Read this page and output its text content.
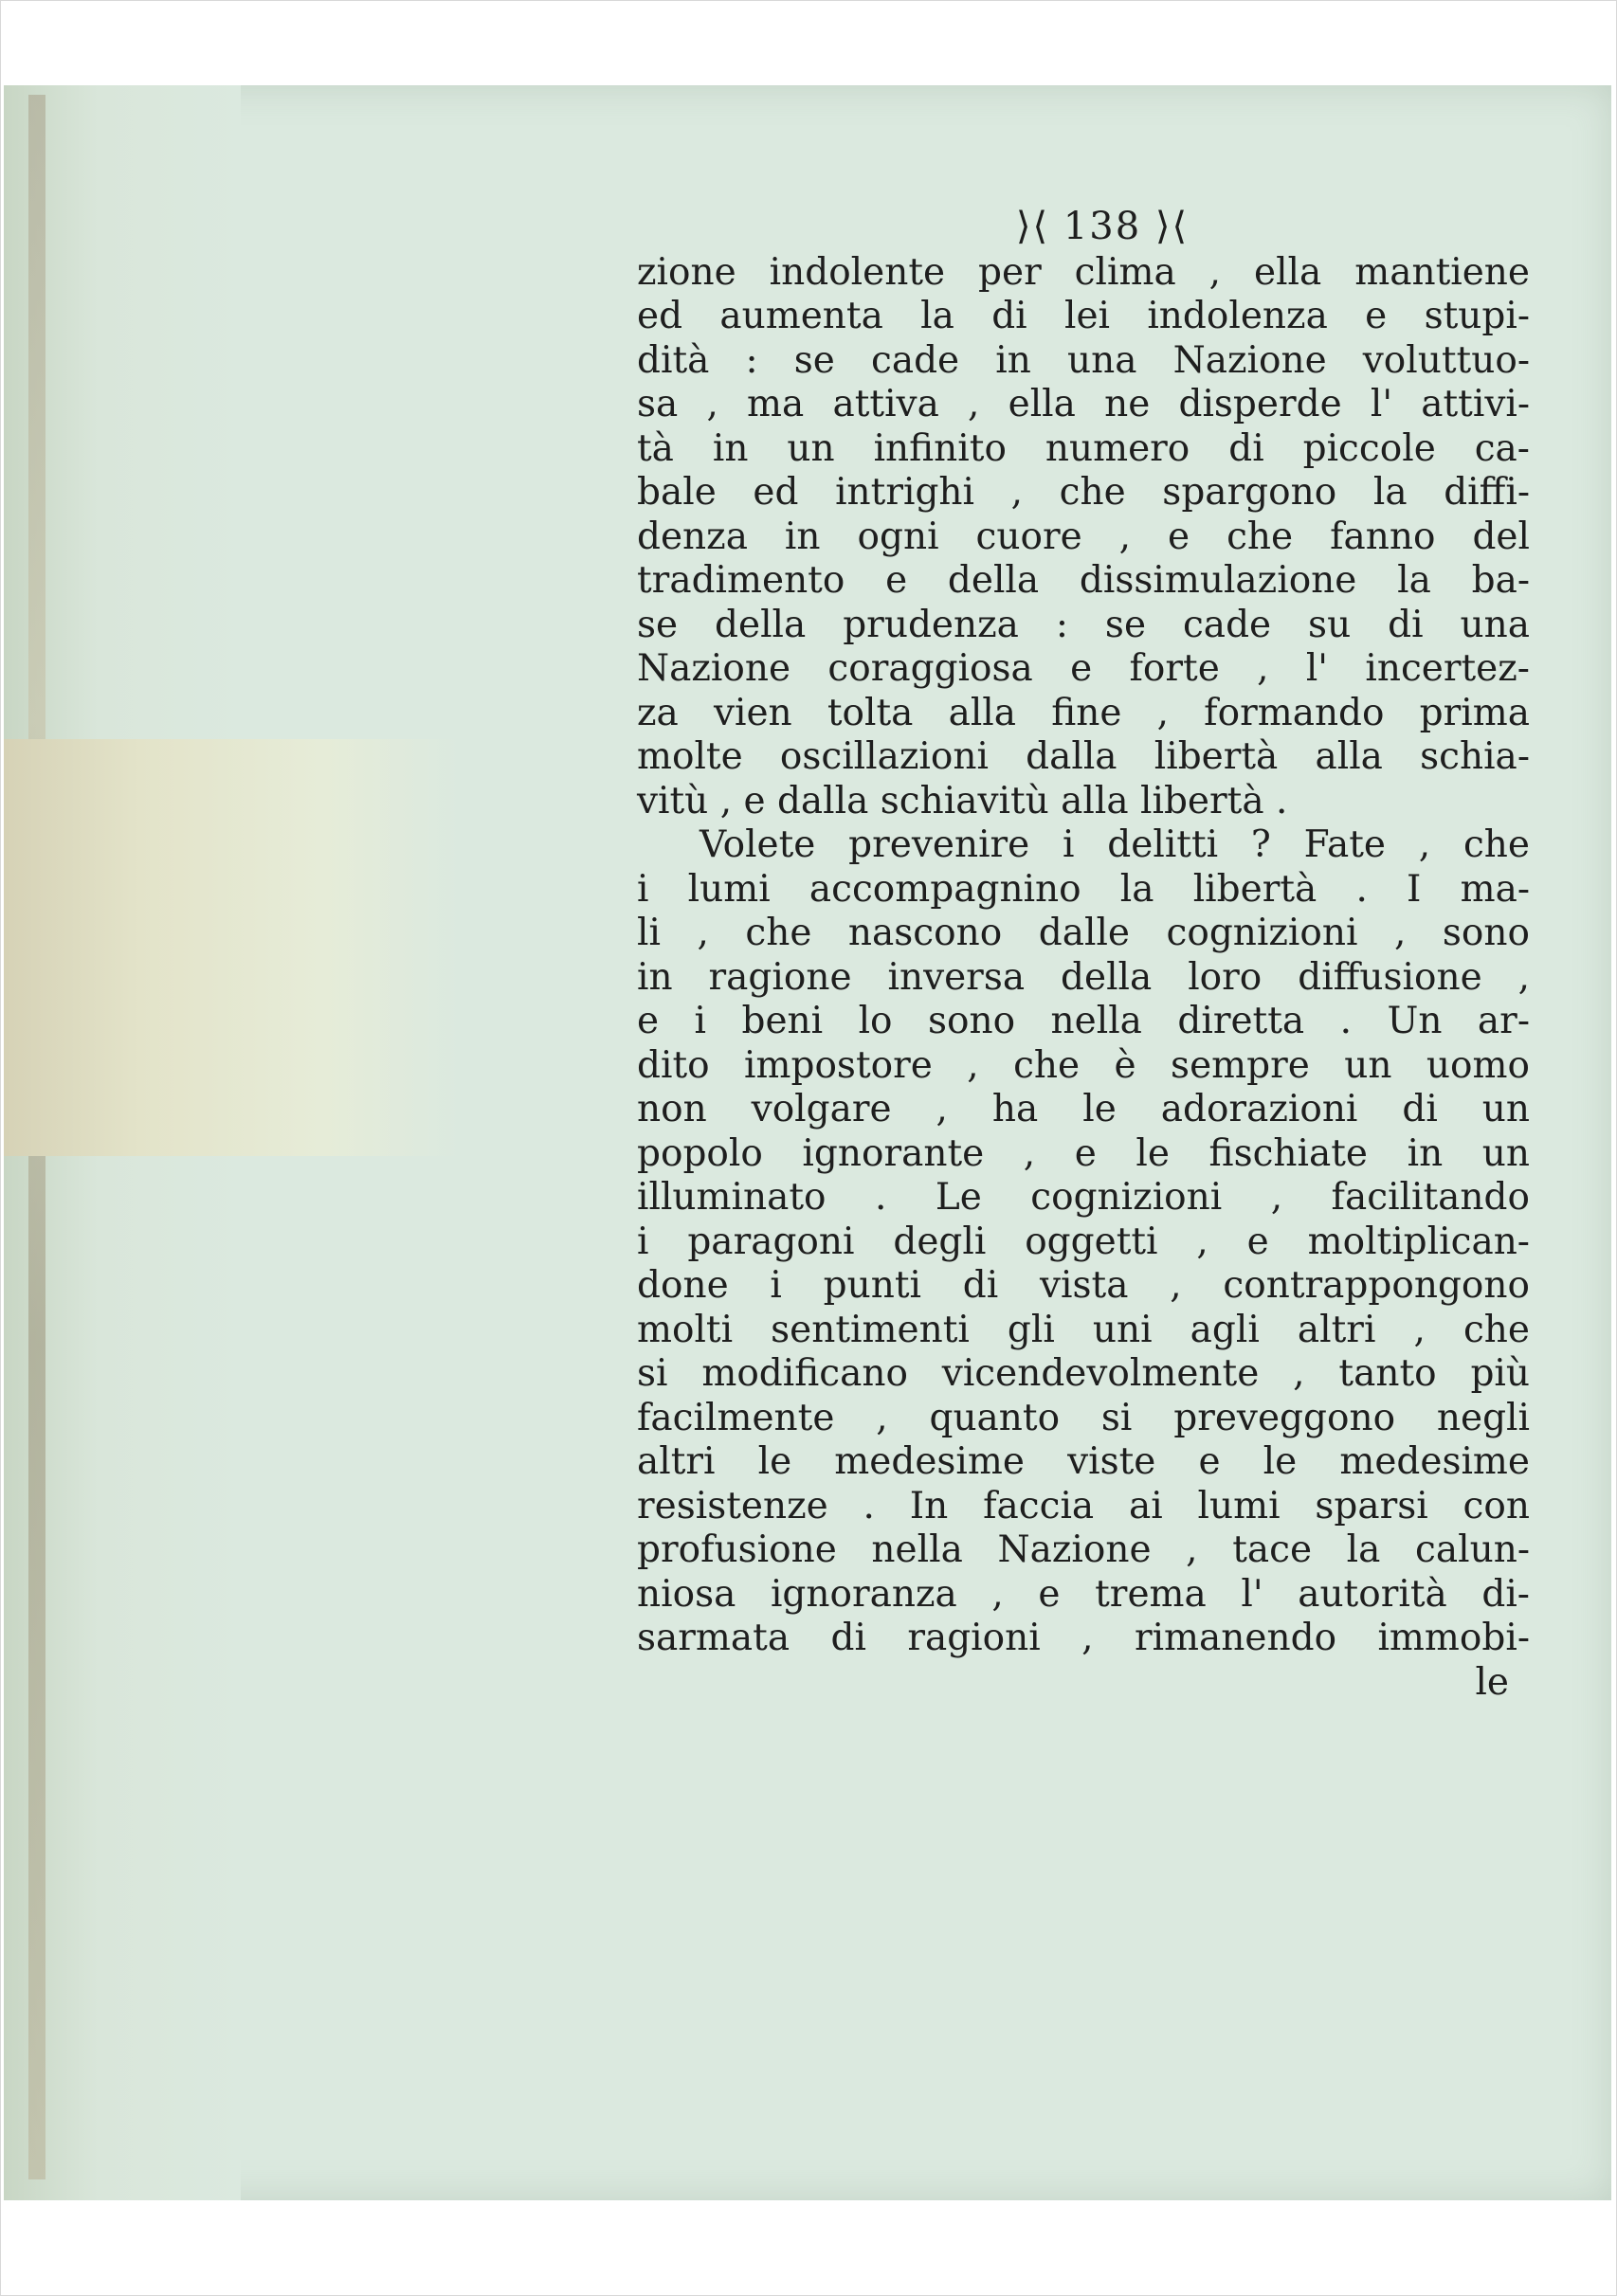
⟩⟨ 138 ⟩⟨
zione indolente per clima , ella mantiene
ed aumenta la di lei indolenza e stupi-
dità : se cade in una Nazione voluttuo-
sa , ma attiva , ella ne disperde l' attivi-
tà in un infinito numero di piccole ca-
bale ed intrighi , che spargono la diffi-
denza in ogni cuore , e che fanno del
tradimento e della dissimulazione la ba-
se della prudenza : se cade su di una
Nazione coraggiosa e forte , l' incertez-
za vien tolta alla fine , formando prima
molte oscillazioni dalla libertà alla schia-
vitù , e dalla schiavitù alla libertà .
Volete prevenire i delitti ? Fate , che
i lumi accompagnino la libertà . I ma-
li , che nascono dalle cognizioni , sono
in ragione inversa della loro diffusione ,
e i beni lo sono nella diretta . Un ar-
dito impostore , che è sempre un uomo
non volgare , ha le adorazioni di un
popolo ignorante , e le fischiate in un
illuminato . Le cognizioni , facilitando
i paragoni degli oggetti , e moltiplican-
done i punti di vista , contrappongono
molti sentimenti gli uni agli altri , che
si modificano vicendevolmente , tanto più
facilmente , quanto si preveggono negli
altri le medesime viste e le medesime
resistenze . In faccia ai lumi sparsi con
profusione nella Nazione , tace la calun-
niosa ignoranza , e trema l' autorità di-
sarmata di ragioni , rimanendo immobi-
le
